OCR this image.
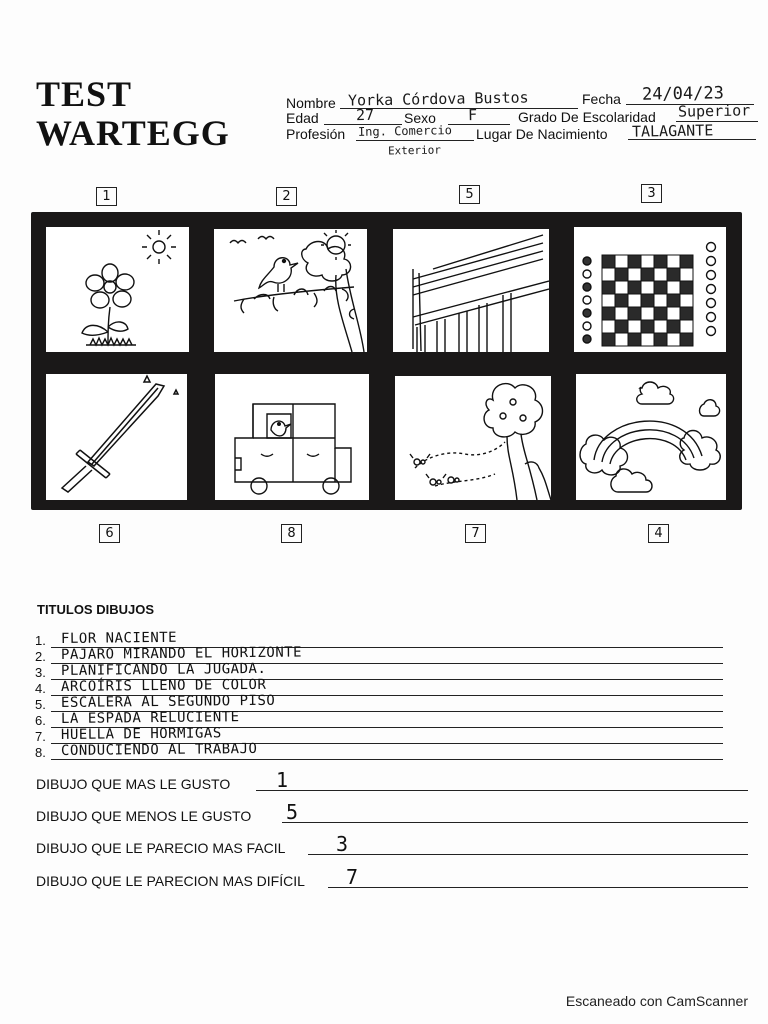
TEST
WARTEGG
Nombre Yorka Córdova Bustos	Fecha 24/04/23
Edad 27 Sexo F	Grado De Escolaridad Superior
Profesión Ing. Comercio
Exterior
Lugar De Nacimiento TALAGANTE
1	2	5	3
6	8	7	4
TITULOS DIBUJOS
1. FLOR NACIENTE
2. PAJARO MIRANDO EL HORIZONTE
3. PLANIFICANDO LA JUGADA.
4. ARCOÍRIS LLENO DE COLOR
5. ESCALERA AL SEGUNDO PISO
6. LA ESPADA RELUCIENTE
7. HUELLA DE HORMIGAS
8. CONDUCIENDO AL TRABAJO
DIBUJO QUE MAS LE GUSTO 1
DIBUJO QUE MENOS LE GUSTO 5
DIBUJO QUE LE PARECIO MAS FACIL	3
DIBUJO QUE LE PARECION MAS DIFÍCIL 7
Escaneado con CamScanner
